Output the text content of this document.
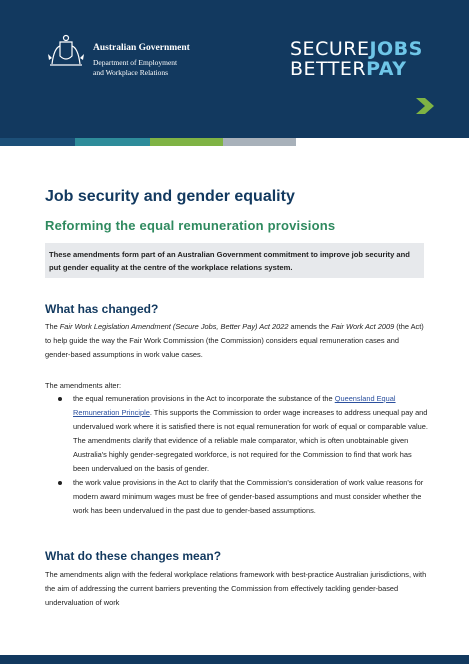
Australian Government
Department of Employment
and Workplace Relations
SECUREJOBS
BETTERPAY
Job security and gender equality
Reforming the equal remuneration provisions
These amendments form part of an Australian Government commitment to improve job security and put gender equality at the centre of the workplace relations system.
What has changed?
The Fair Work Legislation Amendment (Secure Jobs, Better Pay) Act 2022 amends the Fair Work Act 2009 (the Act) to help guide the way the Fair Work Commission (the Commission) considers equal remuneration cases and gender-based assumptions in work value cases.
The amendments alter:
the equal remuneration provisions in the Act to incorporate the substance of the Queensland Equal Remuneration Principle. This supports the Commission to order wage increases to address unequal pay and undervalued work where it is satisfied there is not equal remuneration for work of equal or comparable value. The amendments clarify that evidence of a reliable male comparator, which is often unobtainable given Australia's highly gender-segregated workforce, is not required for the Commission to find that work has been undervalued on the basis of gender.
the work value provisions in the Act to clarify that the Commission's consideration of work value reasons for modern award minimum wages must be free of gender-based assumptions and must consider whether the work has been undervalued in the past due to gender-based assumptions.
What do these changes mean?
The amendments align with the federal workplace relations framework with best-practice Australian jurisdictions, with the aim of addressing the current barriers preventing the Commission from effectively tackling gender-based undervaluation of work
